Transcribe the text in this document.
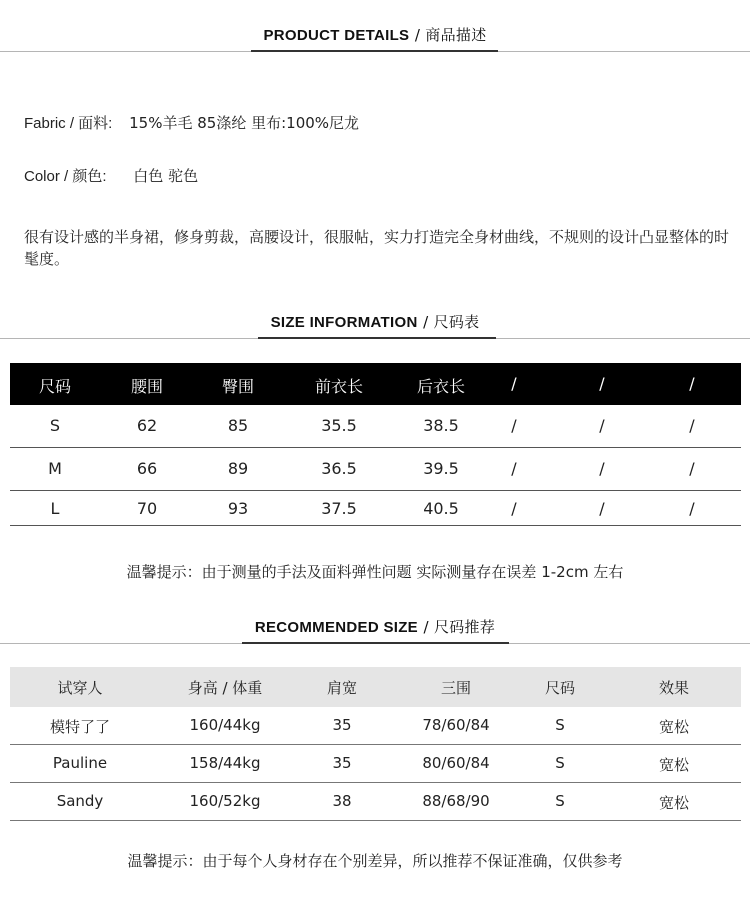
PRODUCT DETAILS / 商品描述
Fabric / 面料: 15%羊毛 85涤纶 里布:100%尼龙
Color / 颜色: 白色 驼色
很有设计感的半身裙，修身剪裁，高腰设计，很服帖，实力打造完全身材曲线，不规则的设计凸显整体的时髦度。
SIZE INFORMATION / 尺码表
尺码	腰围	臀围	前衣长	后衣长	/	/	/
S	62	85	35.5	38.5	/	/	/
M	66	89	36.5	39.5	/	/	/
L	70	93	37.5	40.5	/	/	/
温馨提示：由于测量的手法及面料弹性问题 实际测量存在误差 1-2cm 左右
RECOMMENDED SIZE / 尺码推荐
试穿人	身高 / 体重	肩宽	三围	尺码	效果
模特了了	160/44kg	35	78/60/84	S	宽松
Pauline	158/44kg	35	80/60/84	S	宽松
Sandy	160/52kg	38	88/68/90	S	宽松
温馨提示：由于每个人身材存在个别差异，所以推荐不保证准确，仅供参考
